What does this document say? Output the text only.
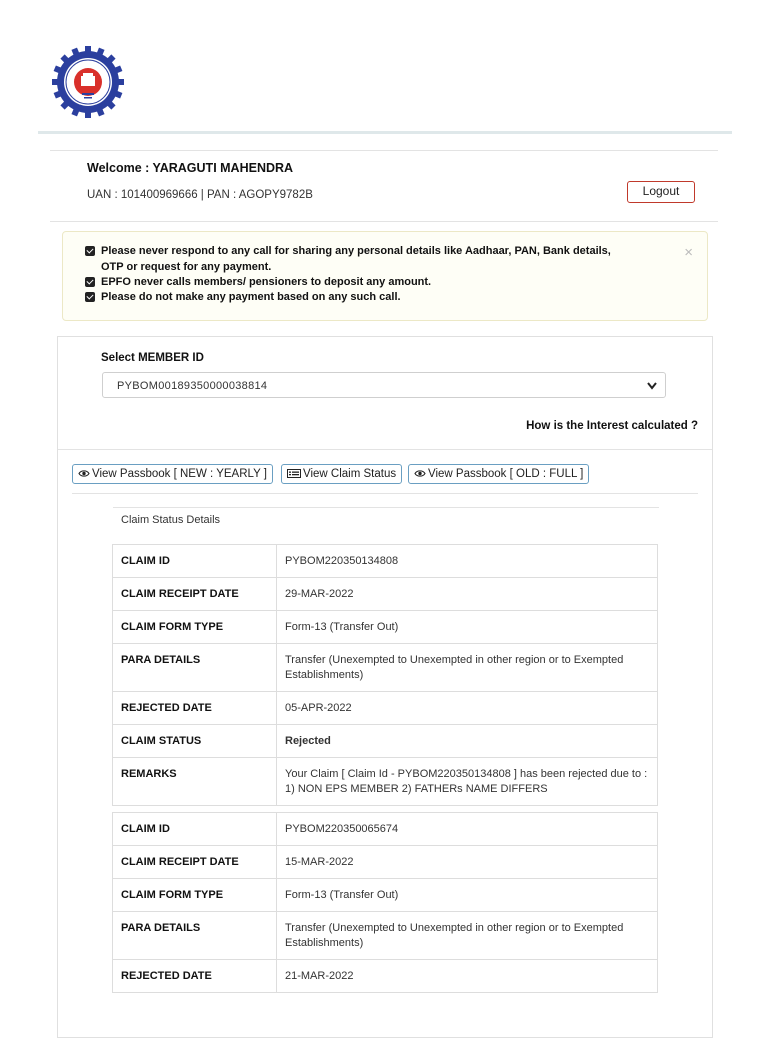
Welcome : YARAGUTI MAHENDRA
UAN : 101400969666 | PAN : AGOPY9782B	Logout
Please never respond to any call for sharing any personal details like Aadhaar, PAN, Bank details,
OTP or request for any payment.
EPFO never calls members/ pensioners to deposit any amount.
Please do not make any payment based on any such call.
×
Select MEMBER ID
PYBOM00189350000038814
How is the Interest calculated ?
View Passbook [ NEW : YEARLY ]	View Claim Status	View Passbook [ OLD : FULL ]
Claim Status Details
CLAIM ID	PYBOM220350134808
CLAIM RECEIPT DATE	29-MAR-2022
CLAIM FORM TYPE	Form-13 (Transfer Out)
PARA DETAILS	Transfer (Unexempted to Unexempted in other region or to Exempted Establishments)
REJECTED DATE	05-APR-2022
CLAIM STATUS	Rejected
REMARKS	Your Claim [ Claim Id - PYBOM220350134808 ] has been rejected due to : 1) NON EPS MEMBER 2) FATHERs NAME DIFFERS
CLAIM ID	PYBOM220350065674
CLAIM RECEIPT DATE	15-MAR-2022
CLAIM FORM TYPE	Form-13 (Transfer Out)
PARA DETAILS	Transfer (Unexempted to Unexempted in other region or to Exempted Establishments)
REJECTED DATE	21-MAR-2022
